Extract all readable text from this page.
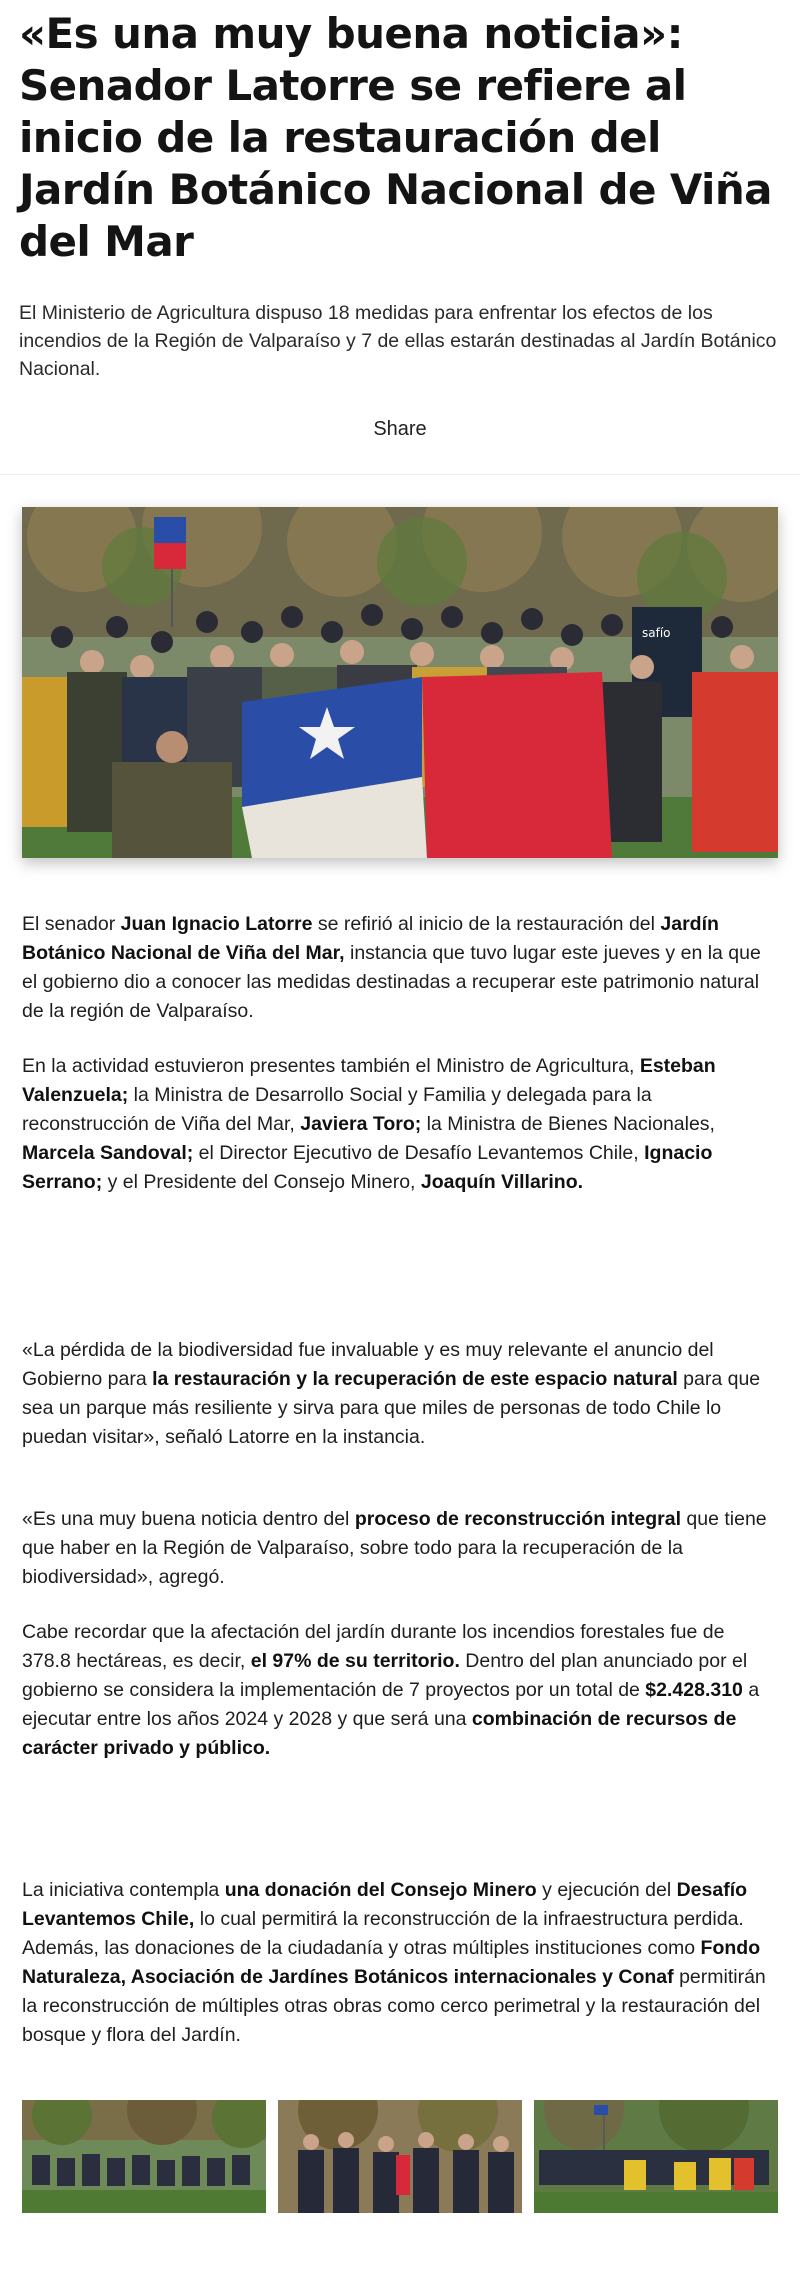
«Es una muy buena noticia»: Senador Latorre se refiere al inicio de la restauración del Jardín Botánico Nacional de Viña del Mar

El Ministerio de Agricultura dispuso 18 medidas para enfrentar los efectos de los incendios de la Región de Valparaíso y 7 de ellas estarán destinadas al Jardín Botánico Nacional.

Share
safío

El senador Juan Ignacio Latorre se refirió al inicio de la restauración del Jardín Botánico Nacional de Viña del Mar, instancia que tuvo lugar este jueves y en la que el gobierno dio a conocer las medidas destinadas a recuperar este patrimonio natural de la región de Valparaíso.

En la actividad estuvieron presentes también el Ministro de Agricultura, Esteban Valenzuela; la Ministra de Desarrollo Social y Familia y delegada para la reconstrucción de Viña del Mar, Javiera Toro; la Ministra de Bienes Nacionales, Marcela Sandoval; el Director Ejecutivo de Desafío Levantemos Chile, Ignacio Serrano; y el Presidente del Consejo Minero, Joaquín Villarino.

«La pérdida de la biodiversidad fue invaluable y es muy relevante el anuncio del Gobierno para la restauración y la recuperación de este espacio natural para que sea un parque más resiliente y sirva para que miles de personas de todo Chile lo puedan visitar», señaló Latorre en la instancia.

«Es una muy buena noticia dentro del proceso de reconstrucción integral que tiene que haber en la Región de Valparaíso, sobre todo para la recuperación de la biodiversidad», agregó.

Cabe recordar que la afectación del jardín durante los incendios forestales fue de 378.8 hectáreas, es decir, el 97% de su territorio. Dentro del plan anunciado por el gobierno se considera la implementación de 7 proyectos por un total de $2.428.310 a ejecutar entre los años 2024 y 2028 y que será una combinación de recursos de carácter privado y público.

La iniciativa contempla una donación del Consejo Minero y ejecución del Desafío Levantemos Chile, lo cual permitirá la reconstrucción de la infraestructura perdida. Además, las donaciones de la ciudadanía y otras múltiples instituciones como Fondo Naturaleza, Asociación de Jardínes Botánicos internacionales y Conaf permitirán la reconstrucción de múltiples otras obras como cerco perimetral y la restauración del bosque y flora del Jardín.
